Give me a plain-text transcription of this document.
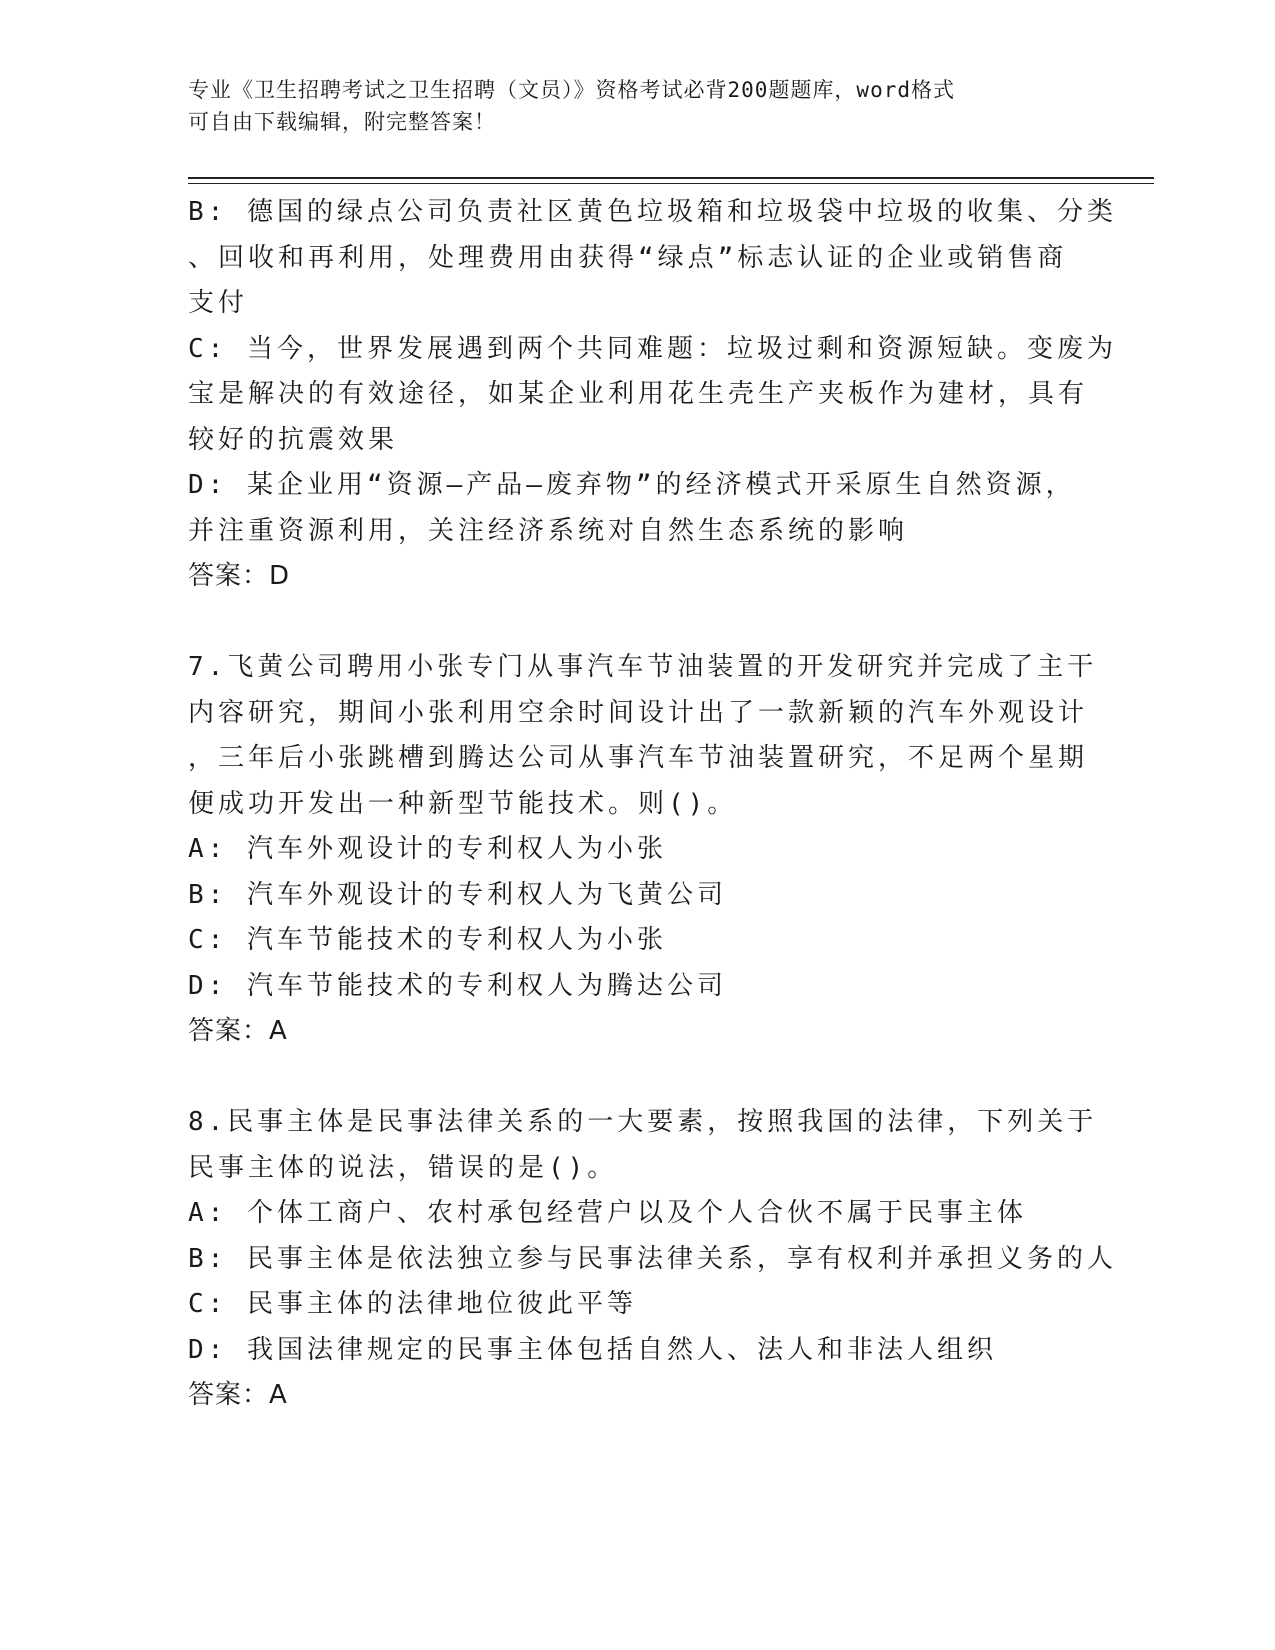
专业《卫生招聘考试之卫生招聘（文员）》资格考试必背200题题库，word格式
可自由下载编辑，附完整答案！
B: 德国的绿点公司负责社区黄色垃圾箱和垃圾袋中垃圾的收集、分类
、回收和再利用，处理费用由获得“绿点”标志认证的企业或销售商
支付
C: 当今，世界发展遇到两个共同难题：垃圾过剩和资源短缺。变废为
宝是解决的有效途径，如某企业利用花生壳生产夹板作为建材，具有
较好的抗震效果
D: 某企业用“资源—产品—废弃物”的经济模式开采原生自然资源，
并注重资源利用，关注经济系统对自然生态系统的影响
答案：D
7.飞黄公司聘用小张专门从事汽车节油装置的开发研究并完成了主干
内容研究，期间小张利用空余时间设计出了一款新颖的汽车外观设计
，三年后小张跳槽到腾达公司从事汽车节油装置研究，不足两个星期
便成功开发出一种新型节能技术。则()。
A: 汽车外观设计的专利权人为小张
B: 汽车外观设计的专利权人为飞黄公司
C: 汽车节能技术的专利权人为小张
D: 汽车节能技术的专利权人为腾达公司
答案：A
8.民事主体是民事法律关系的一大要素，按照我国的法律，下列关于
民事主体的说法，错误的是()。
A: 个体工商户、农村承包经营户以及个人合伙不属于民事主体
B: 民事主体是依法独立参与民事法律关系，享有权利并承担义务的人
C: 民事主体的法律地位彼此平等
D: 我国法律规定的民事主体包括自然人、法人和非法人组织
答案：A
